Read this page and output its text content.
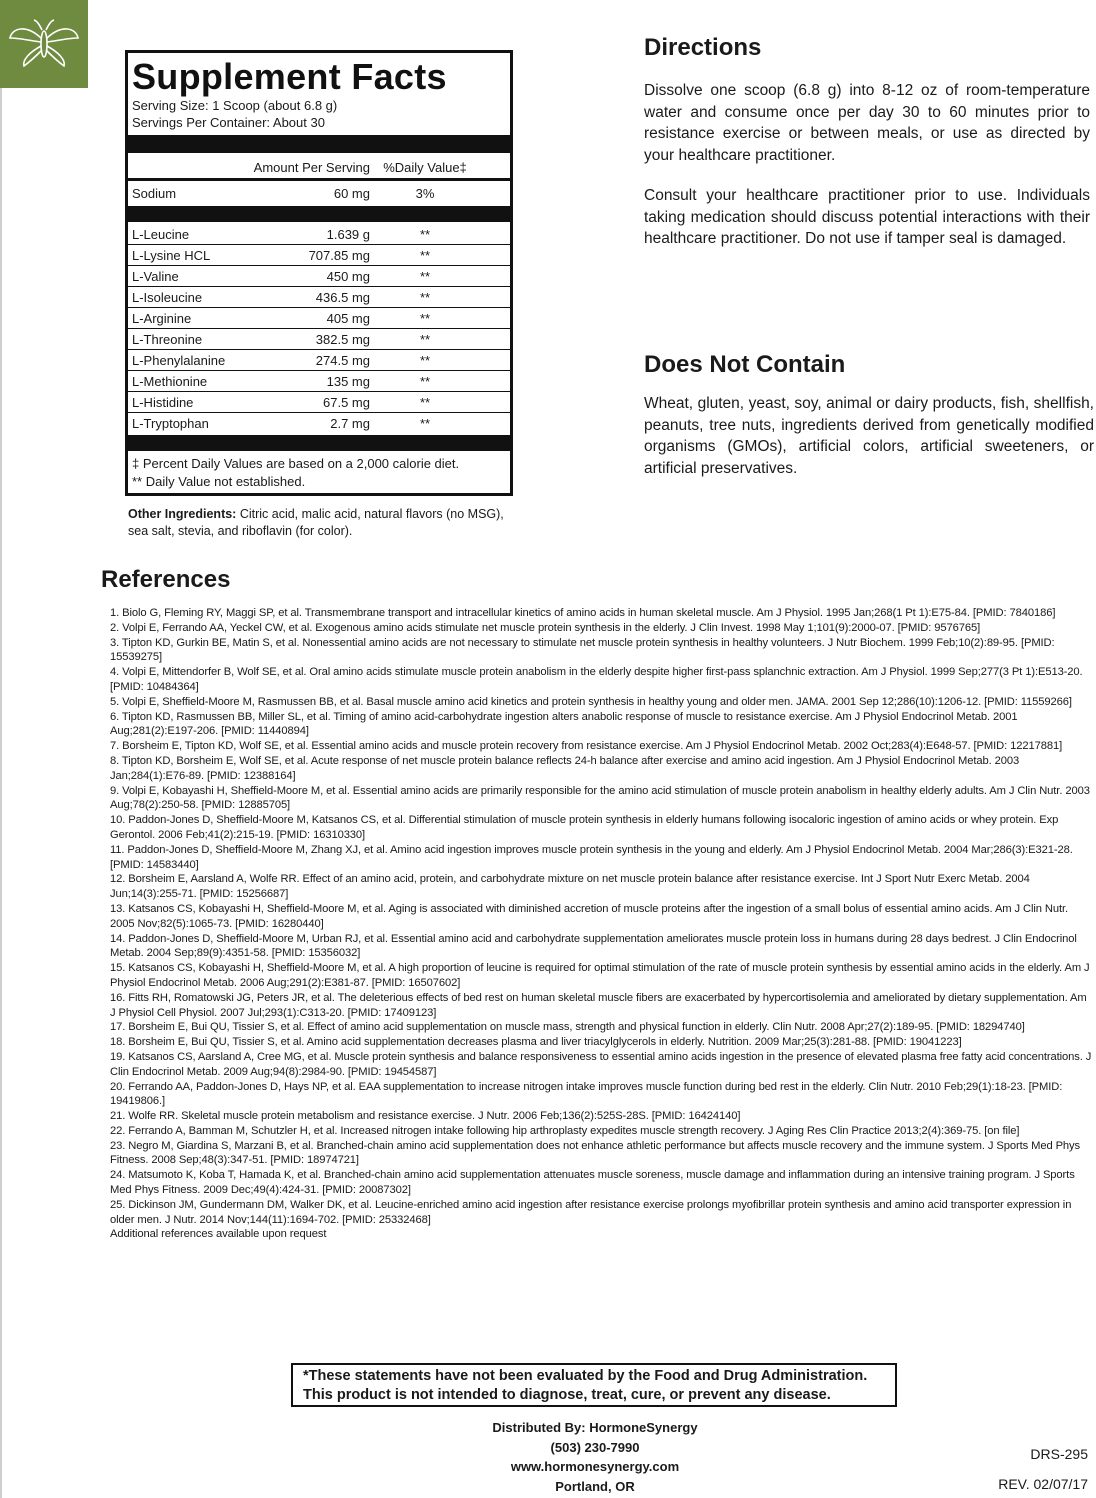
Supplement Facts
Serving Size: 1 Scoop (about 6.8 g)
Servings Per Container: About 30
Amount Per Serving	%Daily Value‡
Sodium	60 mg	3%
L-Leucine	1.639 g	**
L-Lysine HCL	707.85 mg	**
L-Valine	450 mg	**
L-Isoleucine	436.5 mg	**
L-Arginine	405 mg	**
L-Threonine	382.5 mg	**
L-Phenylalanine	274.5 mg	**
L-Methionine	135 mg	**
L-Histidine	67.5 mg	**
L-Tryptophan	2.7 mg	**
‡ Percent Daily Values are based on a 2,000 calorie diet.
** Daily Value not established.
Other Ingredients: Citric acid, malic acid, natural flavors (no MSG), sea salt, stevia, and riboflavin (for color).
Directions
Dissolve one scoop (6.8 g) into 8-12 oz of room-temperature water and consume once per day 30 to 60 minutes prior to resistance exercise or between meals, or use as directed by your healthcare practitioner.
Consult your healthcare practitioner prior to use. Individuals taking medication should discuss potential interactions with their healthcare practitioner. Do not use if tamper seal is damaged.
Does Not Contain
Wheat, gluten, yeast, soy, animal or dairy products, fish, shellfish, peanuts, tree nuts, ingredients derived from genetically modified organisms (GMOs), artificial colors, artificial sweeteners, or artificial preservatives.
References
1. Biolo G, Fleming RY, Maggi SP, et al. Transmembrane transport and intracellular kinetics of amino acids in human skeletal muscle. Am J Physiol. 1995 Jan;268(1 Pt 1):E75-84. [PMID: 7840186]
2. Volpi E, Ferrando AA, Yeckel CW, et al. Exogenous amino acids stimulate net muscle protein synthesis in the elderly. J Clin Invest. 1998 May 1;101(9):2000-07. [PMID: 9576765]
3. Tipton KD, Gurkin BE, Matin S, et al. Nonessential amino acids are not necessary to stimulate net muscle protein synthesis in healthy volunteers. J Nutr Biochem. 1999 Feb;10(2):89-95. [PMID: 15539275]
4. Volpi E, Mittendorfer B, Wolf SE, et al. Oral amino acids stimulate muscle protein anabolism in the elderly despite higher first-pass splanchnic extraction. Am J Physiol. 1999 Sep;277(3 Pt 1):E513-20. [PMID: 10484364]
5. Volpi E, Sheffield-Moore M, Rasmussen BB, et al. Basal muscle amino acid kinetics and protein synthesis in healthy young and older men. JAMA. 2001 Sep 12;286(10):1206-12. [PMID: 11559266]
6. Tipton KD, Rasmussen BB, Miller SL, et al. Timing of amino acid-carbohydrate ingestion alters anabolic response of muscle to resistance exercise. Am J Physiol Endocrinol Metab. 2001 Aug;281(2):E197-206. [PMID: 11440894]
7. Borsheim E, Tipton KD, Wolf SE, et al. Essential amino acids and muscle protein recovery from resistance exercise. Am J Physiol Endocrinol Metab. 2002 Oct;283(4):E648-57. [PMID: 12217881]
8. Tipton KD, Borsheim E, Wolf SE, et al. Acute response of net muscle protein balance reflects 24-h balance after exercise and amino acid ingestion. Am J Physiol Endocrinol Metab. 2003 Jan;284(1):E76-89. [PMID: 12388164]
9. Volpi E, Kobayashi H, Sheffield-Moore M, et al. Essential amino acids are primarily responsible for the amino acid stimulation of muscle protein anabolism in healthy elderly adults. Am J Clin Nutr. 2003 Aug;78(2):250-58. [PMID: 12885705]
10. Paddon-Jones D, Sheffield-Moore M, Katsanos CS, et al. Differential stimulation of muscle protein synthesis in elderly humans following isocaloric ingestion of amino acids or whey protein. Exp Gerontol. 2006 Feb;41(2):215-19. [PMID: 16310330]
11. Paddon-Jones D, Sheffield-Moore M, Zhang XJ, et al. Amino acid ingestion improves muscle protein synthesis in the young and elderly. Am J Physiol Endocrinol Metab. 2004 Mar;286(3):E321-28. [PMID: 14583440]
12. Borsheim E, Aarsland A, Wolfe RR. Effect of an amino acid, protein, and carbohydrate mixture on net muscle protein balance after resistance exercise. Int J Sport Nutr Exerc Metab. 2004 Jun;14(3):255-71. [PMID: 15256687]
13. Katsanos CS, Kobayashi H, Sheffield-Moore M, et al. Aging is associated with diminished accretion of muscle proteins after the ingestion of a small bolus of essential amino acids. Am J Clin Nutr. 2005 Nov;82(5):1065-73. [PMID: 16280440]
14. Paddon-Jones D, Sheffield-Moore M, Urban RJ, et al. Essential amino acid and carbohydrate supplementation ameliorates muscle protein loss in humans during 28 days bedrest. J Clin Endocrinol Metab. 2004 Sep;89(9):4351-58. [PMID: 15356032]
15. Katsanos CS, Kobayashi H, Sheffield-Moore M, et al. A high proportion of leucine is required for optimal stimulation of the rate of muscle protein synthesis by essential amino acids in the elderly. Am J Physiol Endocrinol Metab. 2006 Aug;291(2):E381-87. [PMID: 16507602]
16. Fitts RH, Romatowski JG, Peters JR, et al. The deleterious effects of bed rest on human skeletal muscle fibers are exacerbated by hypercortisolemia and ameliorated by dietary supplementation. Am J Physiol Cell Physiol. 2007 Jul;293(1):C313-20. [PMID: 17409123]
17. Borsheim E, Bui QU, Tissier S, et al. Effect of amino acid supplementation on muscle mass, strength and physical function in elderly. Clin Nutr. 2008 Apr;27(2):189-95. [PMID: 18294740]
18. Borsheim E, Bui QU, Tissier S, et al. Amino acid supplementation decreases plasma and liver triacylglycerols in elderly. Nutrition. 2009 Mar;25(3):281-88. [PMID: 19041223]
19. Katsanos CS, Aarsland A, Cree MG, et al. Muscle protein synthesis and balance responsiveness to essential amino acids ingestion in the presence of elevated plasma free fatty acid concentrations. J Clin Endocrinol Metab. 2009 Aug;94(8):2984-90. [PMID: 19454587]
20. Ferrando AA, Paddon-Jones D, Hays NP, et al. EAA supplementation to increase nitrogen intake improves muscle function during bed rest in the elderly. Clin Nutr. 2010 Feb;29(1):18-23. [PMID: 19419806.]
21. Wolfe RR. Skeletal muscle protein metabolism and resistance exercise. J Nutr. 2006 Feb;136(2):525S-28S. [PMID: 16424140]
22. Ferrando A, Bamman M, Schutzler H, et al. Increased nitrogen intake following hip arthroplasty expedites muscle strength recovery. J Aging Res Clin Practice 2013;2(4):369-75. [on file]
23. Negro M, Giardina S, Marzani B, et al. Branched-chain amino acid supplementation does not enhance athletic performance but affects muscle recovery and the immune system. J Sports Med Phys Fitness. 2008 Sep;48(3):347-51. [PMID: 18974721]
24. Matsumoto K, Koba T, Hamada K, et al. Branched-chain amino acid supplementation attenuates muscle soreness, muscle damage and inflammation during an intensive training program. J Sports Med Phys Fitness. 2009 Dec;49(4):424-31. [PMID: 20087302]
25. Dickinson JM, Gundermann DM, Walker DK, et al. Leucine-enriched amino acid ingestion after resistance exercise prolongs myofibrillar protein synthesis and amino acid transporter expression in older men. J Nutr. 2014 Nov;144(11):1694-702. [PMID: 25332468]
Additional references available upon request
*These statements have not been evaluated by the Food and Drug Administration.
This product is not intended to diagnose, treat, cure, or prevent any disease.
Distributed By: HormoneSynergy
(503) 230-7990
www.hormonesynergy.com
Portland, OR
DRS-295
REV. 02/07/17
